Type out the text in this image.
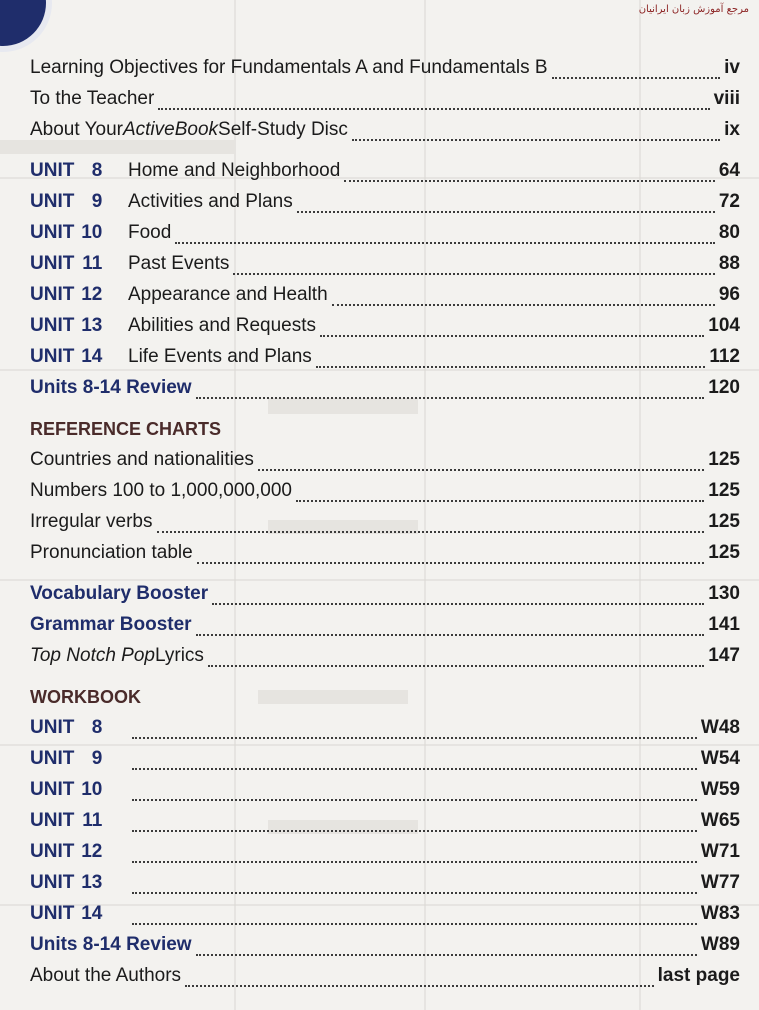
مرجع آموزش زبان ایرانیان
Learning Objectives for Fundamentals A and Fundamentals B	iv
To the Teacher	viii
About Your ActiveBook Self-Study Disc	ix
UNIT 8	Home and Neighborhood	64
UNIT 9	Activities and Plans	72
UNIT 10	Food	80
UNIT 11	Past Events	88
UNIT 12	Appearance and Health	96
UNIT 13	Abilities and Requests	104
UNIT 14	Life Events and Plans	112
Units 8-14 Review	120
REFERENCE CHARTS
Countries and nationalities	125
Numbers 100 to 1,000,000,000	125
Irregular verbs	125
Pronunciation table	125
Vocabulary Booster	130
Grammar Booster	141
Top Notch Pop Lyrics	147
WORKBOOK
UNIT 8	W48
UNIT 9	W54
UNIT 10	W59
UNIT 11	W65
UNIT 12	W71
UNIT 13	W77
UNIT 14	W83
Units 8-14 Review	W89
About the Authors	last page
